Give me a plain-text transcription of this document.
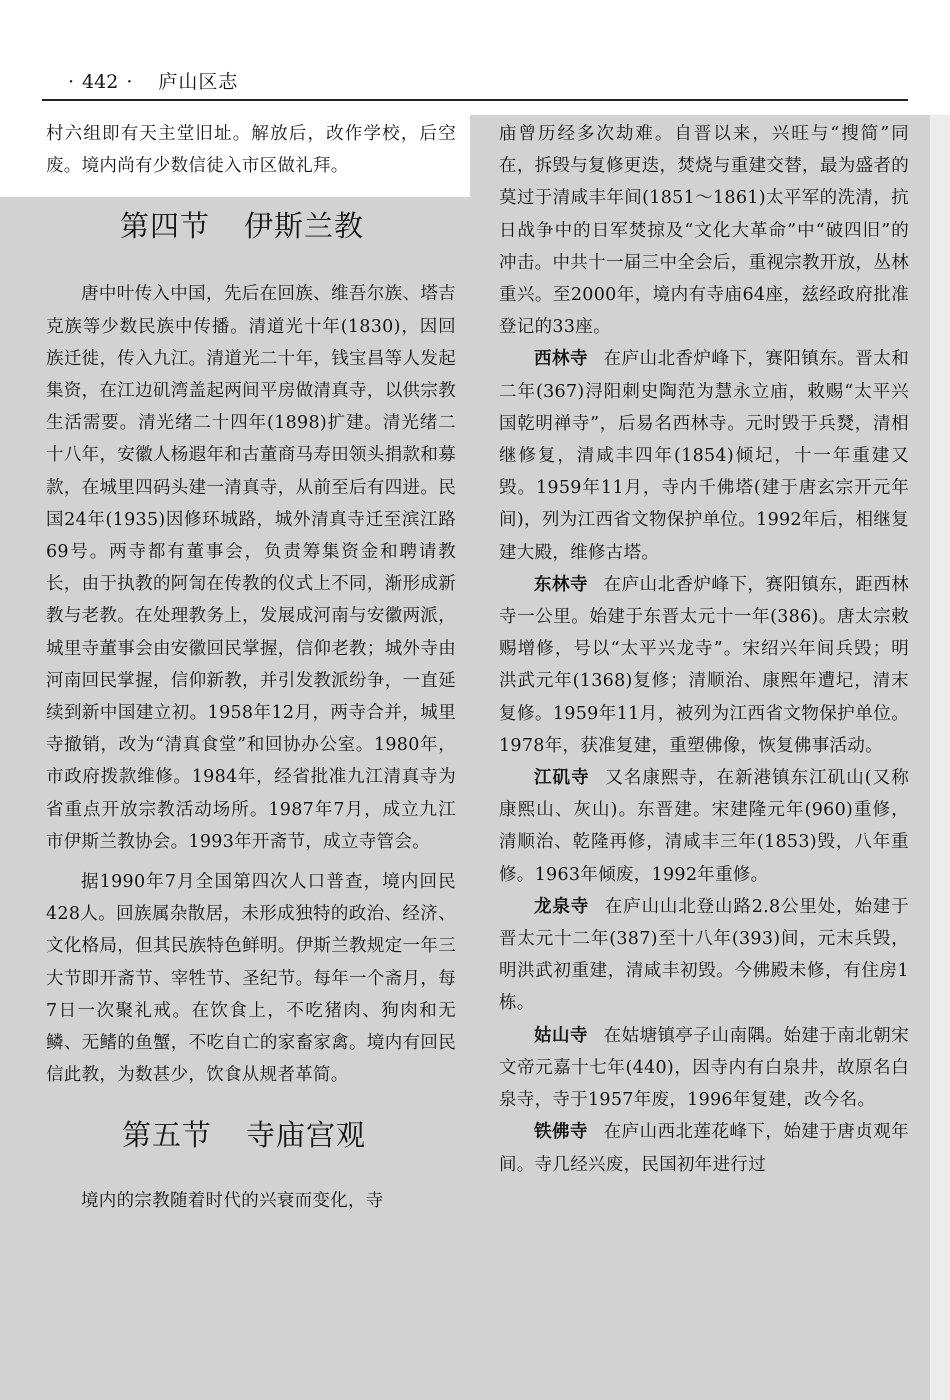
· 442 · 庐山区志

村六组即有天主堂旧址。解放后，改作学校，后空废。境内尚有少数信徒入市区做礼拜。

第四节 伊斯兰教

唐中叶传入中国，先后在回族、维吾尔族、塔吉克族等少数民族中传播。清道光十年(1830)，因回族迁徙，传入九江。清道光二十年，钱宝昌等人发起集资，在江边矶湾盖起两间平房做清真寺，以供宗教生活需要。清光绪二十四年(1898)扩建。清光绪二十八年，安徽人杨遐年和古董商马寿田领头捐款和募款，在城里四码头建一清真寺，从前至后有四进。民国24年(1935)因修环城路，城外清真寺迁至滨江路69号。两寺都有董事会，负责筹集资金和聘请教长，由于执教的阿訇在传教的仪式上不同，渐形成新教与老教。在处理教务上，发展成河南与安徽两派，城里寺董事会由安徽回民掌握，信仰老教；城外寺由河南回民掌握，信仰新教，并引发教派纷争，一直延续到新中国建立初。1958年12月，两寺合并，城里寺撤销，改为“清真食堂”和回协办公室。1980年，市政府拨款维修。1984年，经省批准九江清真寺为省重点开放宗教活动场所。1987年7月，成立九江市伊斯兰教协会。1993年开斋节，成立寺管会。

据1990年7月全国第四次人口普查，境内回民428人。回族属杂散居，未形成独特的政治、经济、文化格局，但其民族特色鲜明。伊斯兰教规定一年三大节即开斋节、宰牲节、圣纪节。每年一个斋月，每7日一次聚礼戒。在饮食上，不吃猪肉、狗肉和无鳞、无鳍的鱼蟹，不吃自亡的家畜家禽。境内有回民信此教，为数甚少，饮食从规者革简。

第五节 寺庙宫观

境内的宗教随着时代的兴衰而变化，寺

庙曾历经多次劫难。自晋以来，兴旺与“搜简”同在，拆毁与复修更迭，焚烧与重建交替，最为盛者的莫过于清咸丰年间(1851～1861)太平军的洗清，抗日战争中的日军焚掠及“文化大革命”中“破四旧”的冲击。中共十一届三中全会后，重视宗教开放，丛林重兴。至2000年，境内有寺庙64座，兹经政府批准登记的33座。

西林寺 在庐山北香炉峰下，赛阳镇东。晋太和二年(367)浔阳刺史陶范为慧永立庙，敕赐“太平兴国乾明禅寺”，后易名西林寺。元时毁于兵燹，清相继修复，清咸丰四年(1854)倾圮，十一年重建又毁。1959年11月，寺内千佛塔(建于唐玄宗开元年间)，列为江西省文物保护单位。1992年后，相继复建大殿，维修古塔。

东林寺 在庐山北香炉峰下，赛阳镇东，距西林寺一公里。始建于东晋太元十一年(386)。唐太宗敕赐增修，号以“太平兴龙寺”。宋绍兴年间兵毁；明洪武元年(1368)复修；清顺治、康熙年遭圮，清末复修。1959年11月，被列为江西省文物保护单位。1978年，获准复建，重塑佛像，恢复佛事活动。

江矶寺 又名康熙寺，在新港镇东江矶山(又称康熙山、灰山)。东晋建。宋建隆元年(960)重修，清顺治、乾隆再修，清咸丰三年(1853)毁，八年重修。1963年倾废，1992年重修。

龙泉寺 在庐山山北登山路2.8公里处，始建于晋太元十二年(387)至十八年(393)间，元末兵毁，明洪武初重建，清咸丰初毁。今佛殿未修，有住房1栋。

姑山寺 在姑塘镇亭子山南隅。始建于南北朝宋文帝元嘉十七年(440)，因寺内有白泉井，故原名白泉寺，寺于1957年废，1996年复建，改今名。

铁佛寺 在庐山西北莲花峰下，始建于唐贞观年间。寺几经兴废，民国初年进行过
